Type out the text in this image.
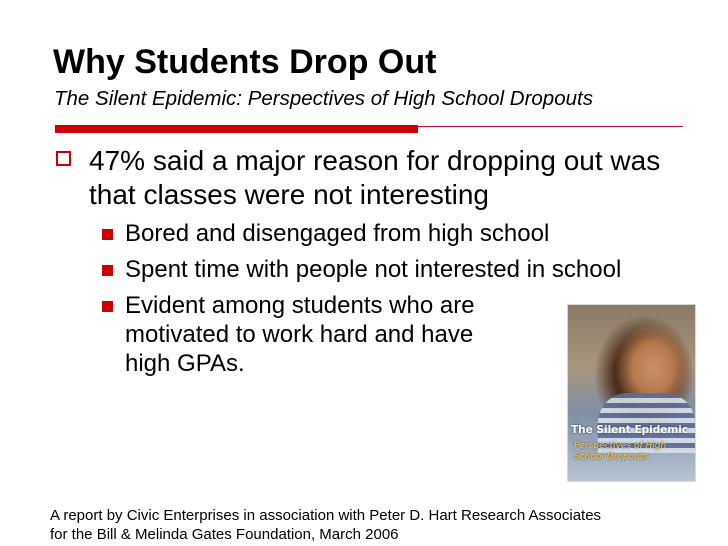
Why Students Drop Out
The Silent Epidemic: Perspectives of High School Dropouts
47% said a major reason for dropping out was that classes were not interesting
Bored and disengaged from high school
Spent time with people not interested in school
Evident among students who are motivated to work hard and have high GPAs.
The Silent Epidemic
Perspectives of High School Dropouts
A report by Civic Enterprises in association with Peter D. Hart Research Associates
for the Bill & Melinda Gates Foundation, March 2006
